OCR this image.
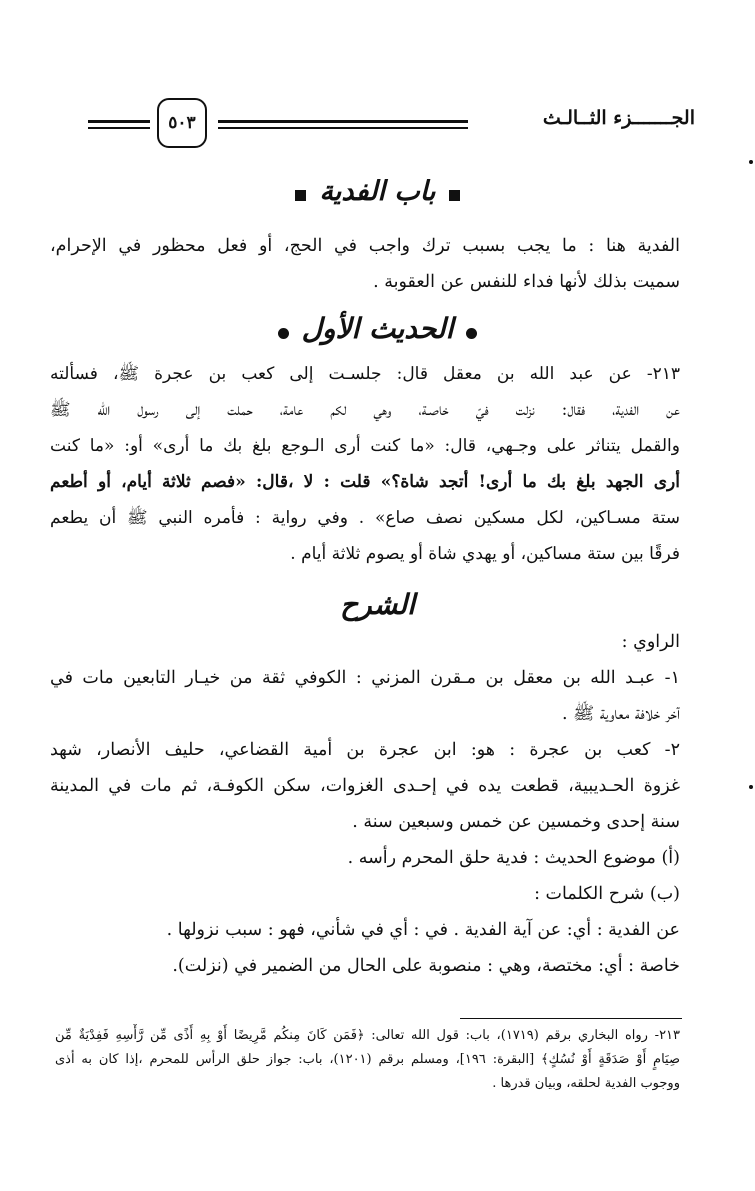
٥٠٣	الجـــــــزء الثــالـث
باب الفدية
الفدية هنا : ما يجب بسبب ترك واجب في الحج، أو فعل محظور في الإحرام،
سميت بذلك لأنها فداء للنفس عن العقوبة .
الحديث الأول
٢١٣- عن عبد الله بن معقل قال: جلسـت إلى كعب بن عجرة ﷺ، فسألته
عن الفدية، فقال: نزلت فيّ خاصـة، وهي لكم عامة، حملت إلى رسول الله ﷺ
والقمل يتناثر على وجـهي، قال: «ما كنت أرى الـوجع بلغ بك ما أرى» أو: «ما كنت
أرى الجهد بلغ بك ما أرى! أتجد شاة؟» قلت : لا ،قال: «فصم ثلاثة أيام، أو أطعم
ستة مسـاكين، لكل مسكين نصف صاع» . وفي رواية : فأمره النبي ﷺ أن يطعم
فرقًا بين ستة مساكين، أو يهدي شاة أو يصوم ثلاثة أيام .
الشرح
الراوي :
١- عبـد الله بن معقل بن مـقرن المزني : الكوفي ثقة من خيـار التابعين مات في
آخر خلافة معاوية ﷺ .
٢- كعب بن عجرة : هو: ابن عجرة بن أمية القضاعي، حليف الأنصار، شهد
غزوة الحـديبية، قطعت يده في إحـدى الغزوات، سكن الكوفـة، ثم مات في المدينة
سنة إحدى وخمسين عن خمس وسبعين سنة .
(أ) موضوع الحديث : فدية حلق المحرم رأسه .
(ب) شرح الكلمات :
عن الفدية : أي: عن آية الفدية . في : أي في شأني، فهو : سبب نزولها .
خاصة : أي: مختصة، وهي : منصوبة على الحال من الضمير في (نزلت).
٢١٣- رواه البخاري برقم (١٧١٩)، باب: قول الله تعالى: ﴿فَمَن كَانَ مِنكُم مَّرِيضًا أَوْ بِهِ أَذًى مِّن رَّأْسِهِ فَفِدْيَةٌ مِّن
صِيَامٍ أَوْ صَدَقَةٍ أَوْ نُسُكٍ﴾ [البقرة: ١٩٦]، ومسلم برقم (١٢٠١)، باب: جواز حلق الرأس للمحرم ،إذا كان به أذى
ووجوب الفدية لحلقه، وبيان قدرها .
